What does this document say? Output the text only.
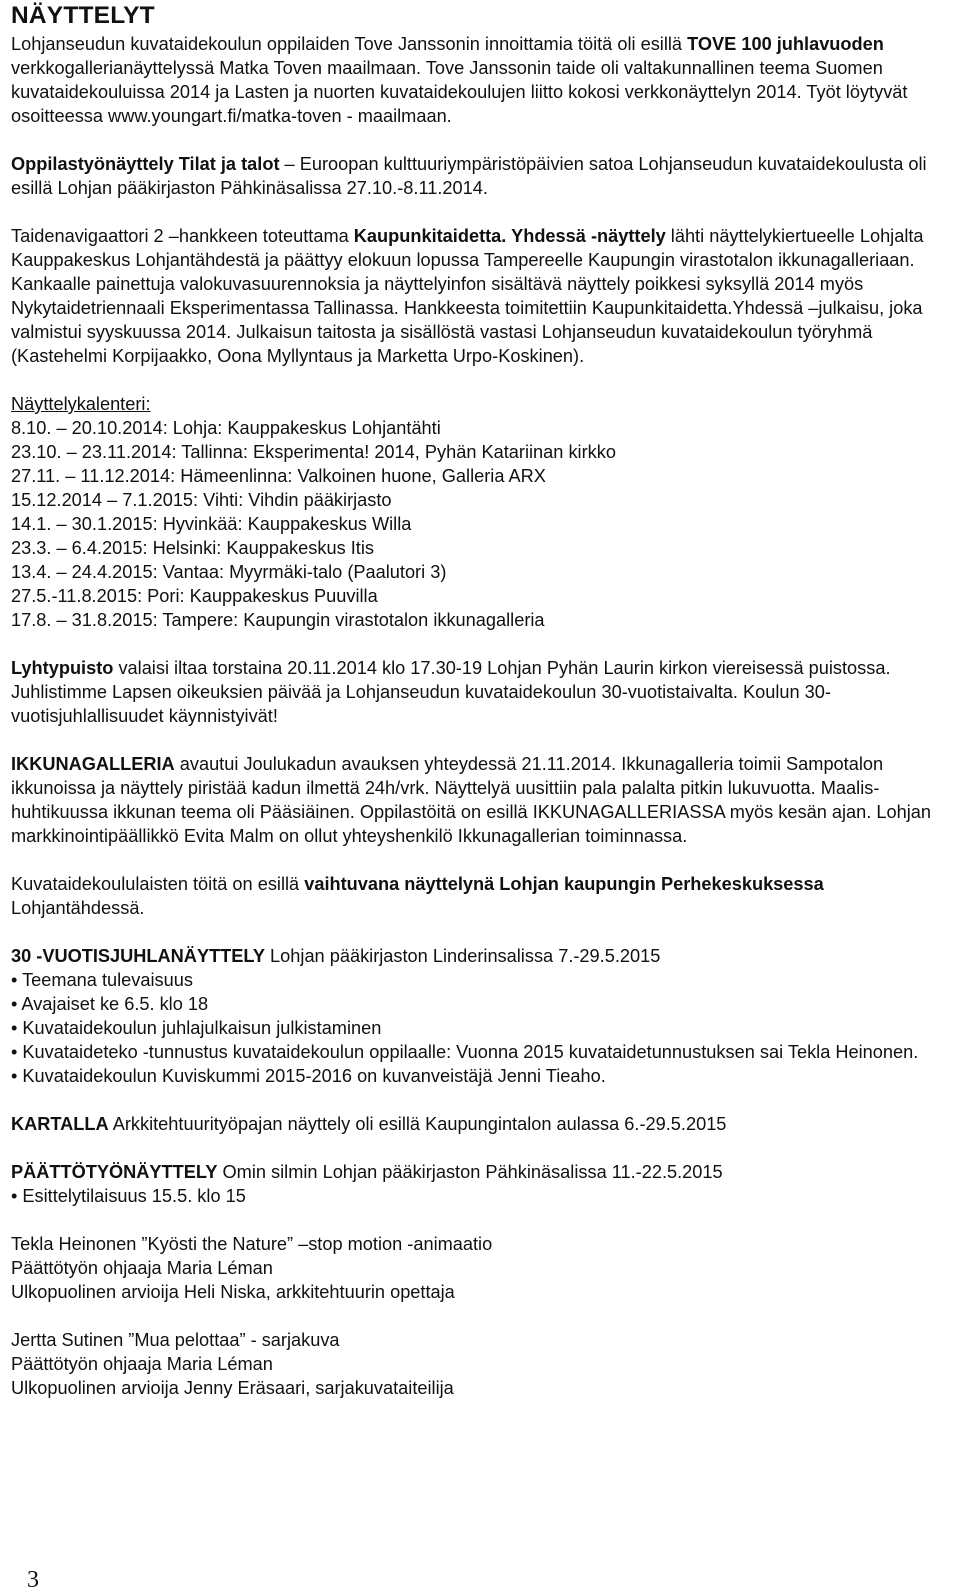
NÄYTTELYT

Lohjanseudun kuvataidekoulun oppilaiden Tove Janssonin innoittamia töitä oli esillä TOVE 100 juhlavuoden verkkogallerianäyttelyssä Matka Toven maailmaan. Tove Janssonin taide oli valtakunnallinen teema Suomen kuvataidekouluissa 2014 ja Lasten ja nuorten kuvataidekoulujen liitto kokosi verkkonäyttelyn 2014. Työt löytyvät osoitteessa www.youngart.fi/matka-toven - maailmaan.

Oppilastyönäyttely Tilat ja talot – Euroopan kulttuuriympäristöpäivien satoa Lohjanseudun kuvataidekoulusta oli esillä Lohjan pääkirjaston Pähkinäsalissa 27.10.-8.11.2014.

Taidenavigaattori 2 –hankkeen toteuttama Kaupunkitaidetta. Yhdessä -näyttely lähti näyttelykiertueelle Lohjalta Kauppakeskus Lohjantähdestä ja päättyy elokuun lopussa Tampereelle Kaupungin virastotalon ikkunagalleriaan. Kankaalle painettuja valokuvasuurennoksia ja näyttelyinfon sisältävä näyttely poikkesi syksyllä 2014 myös Nykytaidetriennaali Eksperimentassa Tallinassa. Hankkeesta toimitettiin Kaupunkitaidetta.Yhdessä –julkaisu, joka valmistui syyskuussa 2014. Julkaisun taitosta ja sisällöstä vastasi Lohjanseudun kuvataidekoulun työryhmä (Kastehelmi Korpijaakko, Oona Myllyntaus ja Marketta Urpo-Koskinen).

Näyttelykalenteri:

8.10. – 20.10.2014: Lohja: Kauppakeskus Lohjantähti

23.10. – 23.11.2014: Tallinna: Eksperimenta! 2014, Pyhän Katariinan kirkko

27.11. – 11.12.2014: Hämeenlinna: Valkoinen huone, Galleria ARX

15.12.2014 – 7.1.2015: Vihti: Vihdin pääkirjasto

14.1. – 30.1.2015: Hyvinkää: Kauppakeskus Willa

23.3. – 6.4.2015: Helsinki: Kauppakeskus Itis

13.4. – 24.4.2015: Vantaa: Myyrmäki-talo (Paalutori 3)

27.5.-11.8.2015: Pori: Kauppakeskus Puuvilla

17.8. – 31.8.2015: Tampere: Kaupungin virastotalon ikkunagalleria

Lyhtypuisto valaisi iltaa torstaina 20.11.2014 klo 17.30-19 Lohjan Pyhän Laurin kirkon viereisessä puistossa. Juhlistimme Lapsen oikeuksien päivää ja Lohjanseudun kuvataidekoulun 30-vuotistaivalta. Koulun 30-vuotisjuhlallisuudet käynnistyivät!

IKKUNAGALLERIA avautui Joulukadun avauksen yhteydessä 21.11.2014. Ikkunagalleria toimii Sampotalon ikkunoissa ja näyttely piristää kadun ilmettä 24h/vrk. Näyttelyä uusittiin pala palalta pitkin lukuvuotta. Maalis-huhtikuussa ikkunan teema oli Pääsiäinen. Oppilastöitä on esillä IKKUNAGALLERIASSA myös kesän ajan. Lohjan markkinointipäällikkö Evita Malm on ollut yhteyshenkilö Ikkunagallerian toiminnassa.

Kuvataidekoululaisten töitä on esillä vaihtuvana näyttelynä Lohjan kaupungin Perhekeskuksessa Lohjantähdessä.

30 -VUOTISJUHLANÄYTTELY Lohjan pääkirjaston Linderinsalissa 7.-29.5.2015

• Teemana tulevaisuus

• Avajaiset ke 6.5. klo 18

• Kuvataidekoulun juhlajulkaisun julkistaminen

• Kuvataideteko -tunnustus kuvataidekoulun oppilaalle: Vuonna 2015 kuvataidetunnustuksen sai Tekla Heinonen.

• Kuvataidekoulun Kuviskummi 2015-2016 on kuvanveistäjä Jenni Tieaho.

KARTALLA Arkkitehtuurityöpajan näyttely oli esillä Kaupungintalon aulassa 6.-29.5.2015

PÄÄTTÖTYÖNÄYTTELY Omin silmin Lohjan pääkirjaston Pähkinäsalissa 11.-22.5.2015

• Esittelytilaisuus 15.5. klo 15

Tekla Heinonen ”Kyösti the Nature” –stop motion -animaatio

Päättötyön ohjaaja Maria Léman

Ulkopuolinen arvioija Heli Niska, arkkitehtuurin opettaja

Jertta Sutinen ”Mua pelottaa” - sarjakuva

Päättötyön ohjaaja Maria Léman

Ulkopuolinen arvioija Jenny Eräsaari, sarjakuvataiteilija

3
